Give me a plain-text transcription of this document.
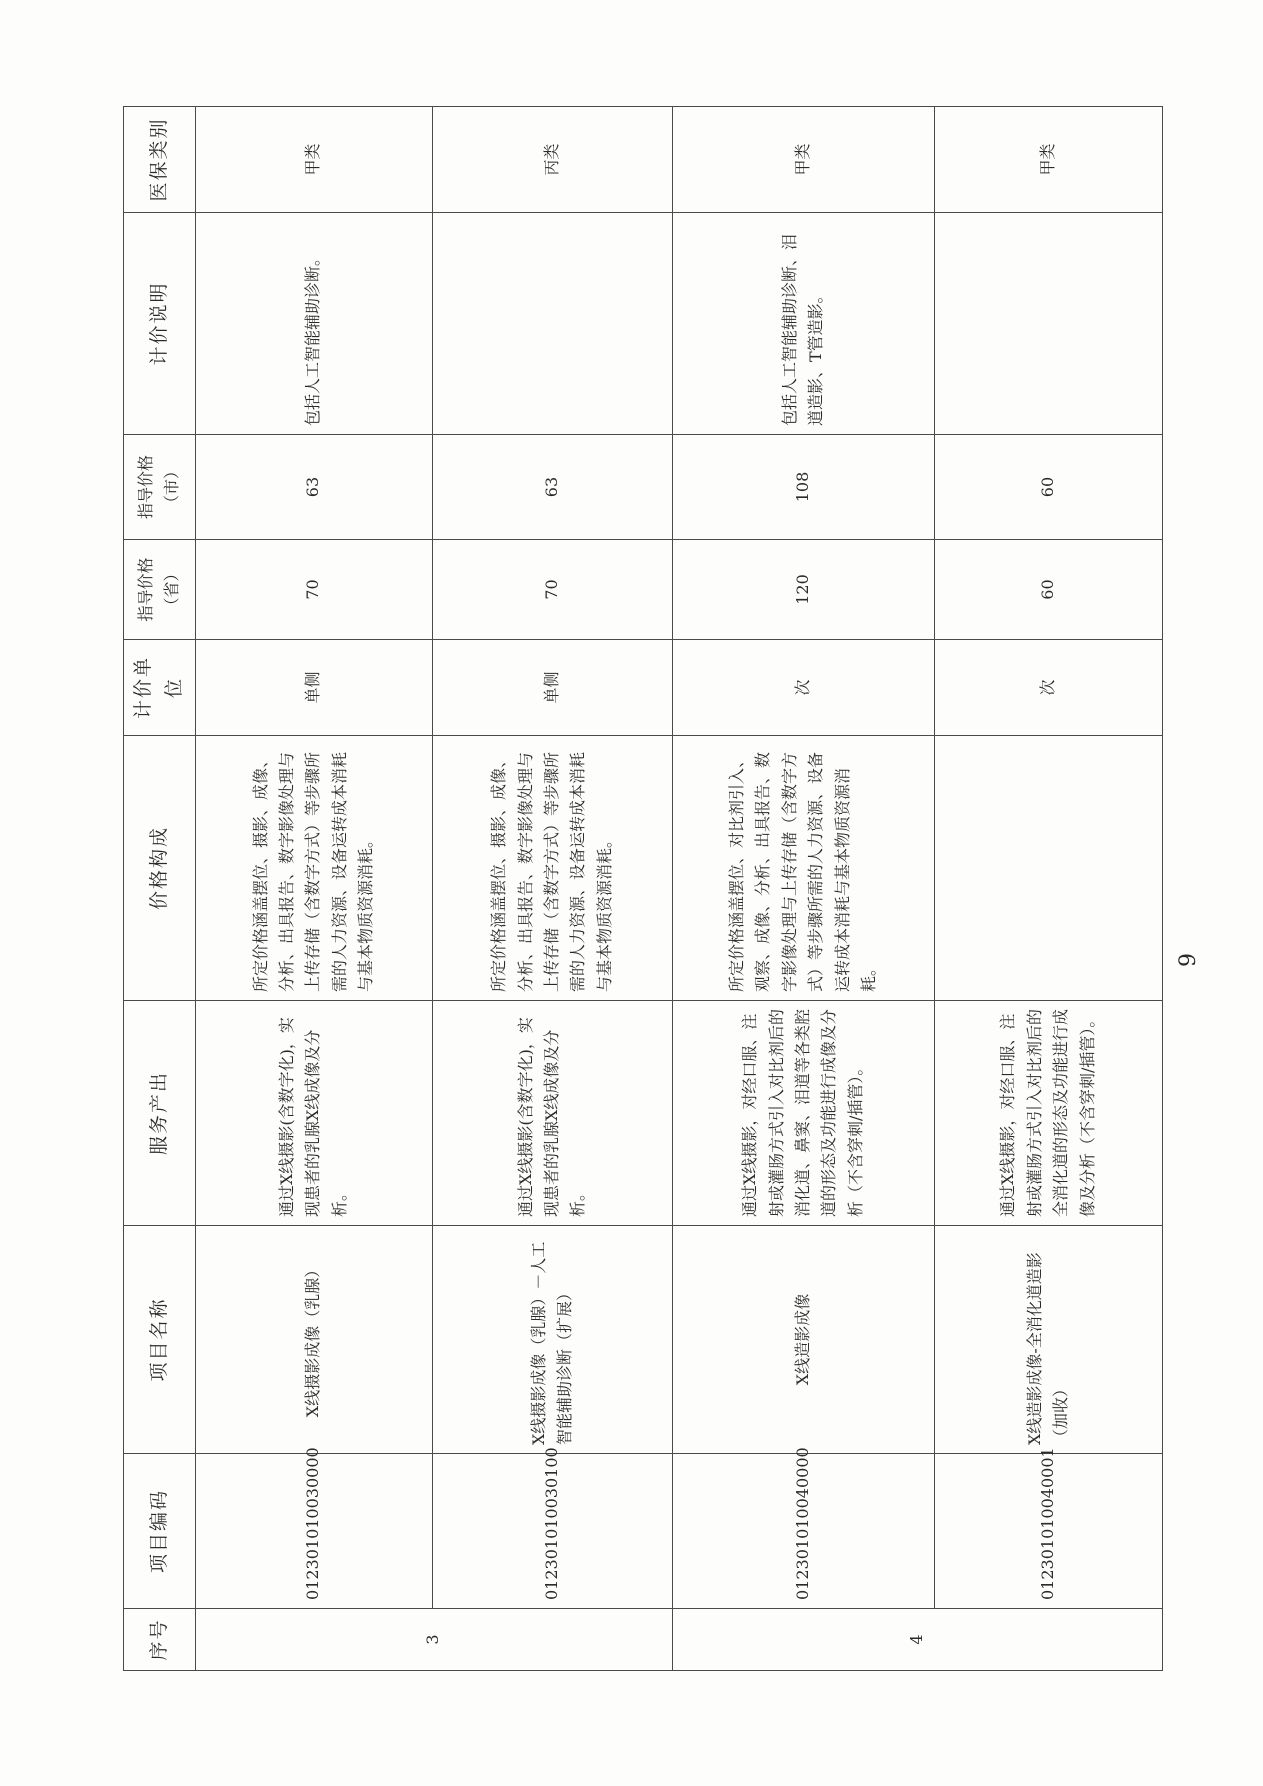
序号	项目编码	项目名称	服务产出	价格构成	计价单位	指导价格（省）	指导价格（市）	计价说明	医保类别
3	012301010030000	X线摄影成像（乳腺）	通过X线摄影(含数字化)，实现患者的乳腺X线成像及分析。	所定价格涵盖摆位、摄影、成像、分析、出具报告、数字影像处理与上传存储（含数字方式）等步骤所需的人力资源、设备运转成本消耗与基本物质资源消耗。	单侧	70	63	包括人工智能辅助诊断。	甲类
	012301010030100	X线摄影成像（乳腺）－人工智能辅助诊断（扩展）	通过X线摄影(含数字化)，实现患者的乳腺X线成像及分析。	所定价格涵盖摆位、摄影、成像、分析、出具报告、数字影像处理与上传存储（含数字方式）等步骤所需的人力资源、设备运转成本消耗与基本物质资源消耗。	单侧	70	63		丙类
4	012301010040000	X线造影成像	通过X线摄影，对经口服、注射或灌肠方式引入对比剂后的消化道、鼻窦、泪道等各类腔道的形态及功能进行成像及分析（不含穿刺/插管）。	所定价格涵盖摆位、对比剂引入、观察、成像、分析、出具报告、数字影像处理与上传存储（含数字方式）等步骤所需的人力资源、设备运转成本消耗与基本物质资源消耗。	次	120	108	包括人工智能辅助诊断、泪道造影、T管造影。	甲类
	012301010040001	X线造影成像-全消化道造影（加收）	通过X线摄影，对经口服、注射或灌肠方式引入对比剂后的全消化道的形态及功能进行成像及分析（不含穿刺/插管）。		次	60	60		甲类
9
